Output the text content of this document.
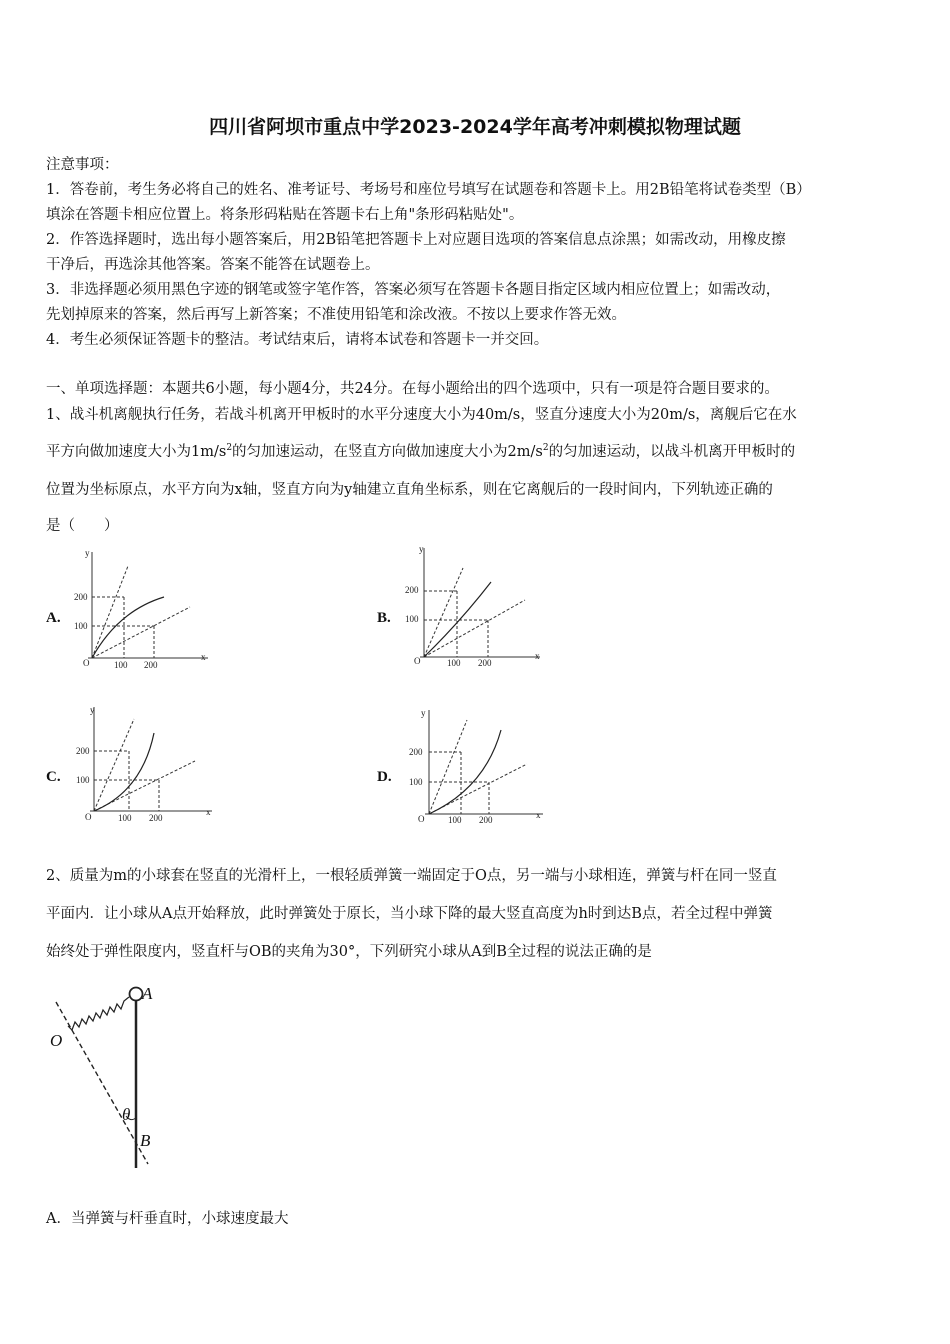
四川省阿坝市重点中学2023-2024学年高考冲刺模拟物理试题
注意事项：
1．答卷前，考生务必将自己的姓名、准考证号、考场号和座位号填写在试题卷和答题卡上。用2B铅笔将试卷类型（B）
填涂在答题卡相应位置上。将条形码粘贴在答题卡右上角"条形码粘贴处"。
2．作答选择题时，选出每小题答案后，用2B铅笔把答题卡上对应题目选项的答案信息点涂黑；如需改动，用橡皮擦
干净后，再选涂其他答案。答案不能答在试题卷上。
3．非选择题必须用黑色字迹的钢笔或签字笔作答，答案必须写在答题卡各题目指定区域内相应位置上；如需改动，
先划掉原来的答案，然后再写上新答案；不准使用铅笔和涂改液。不按以上要求作答无效。
4．考生必须保证答题卡的整洁。考试结束后，请将本试卷和答题卡一并交回。
一、单项选择题：本题共6小题，每小题4分，共24分。在每小题给出的四个选项中，只有一项是符合题目要求的。
1、战斗机离舰执行任务，若战斗机离开甲板时的水平分速度大小为40m/s，竖直分速度大小为20m/s，离舰后它在水
平方向做加速度大小为$1m/s^2$的匀加速运动，在竖直方向做加速度大小为$2m/s^2$的匀加速运动，以战斗机离开甲板时的
位置为坐标原点，水平方向为x轴，竖直方向为y轴建立直角坐标系，则在它离舰后的一段时间内，下列轨迹正确的
是（　　）
A.	B.
C.	D.
y
x
O
100
200
100 200
y
x
O
100
200
100 200
y
x
O
100
200
100 200
y
x
O
100
200
100 200
2、质量为m的小球套在竖直的光滑杆上，一根轻质弹簧一端固定于O点，另一端与小球相连，弹簧与杆在同一竖直
平面内．让小球从A点开始释放，此时弹簧处于原长，当小球下降的最大竖直高度为h时到达B点，若全过程中弹簧
始终处于弹性限度内，竖直杆与OB的夹角为30°，下列研究小球从A到B全过程的说法正确的是
A
O
θ
B
A．当弹簧与杆垂直时，小球速度最大
